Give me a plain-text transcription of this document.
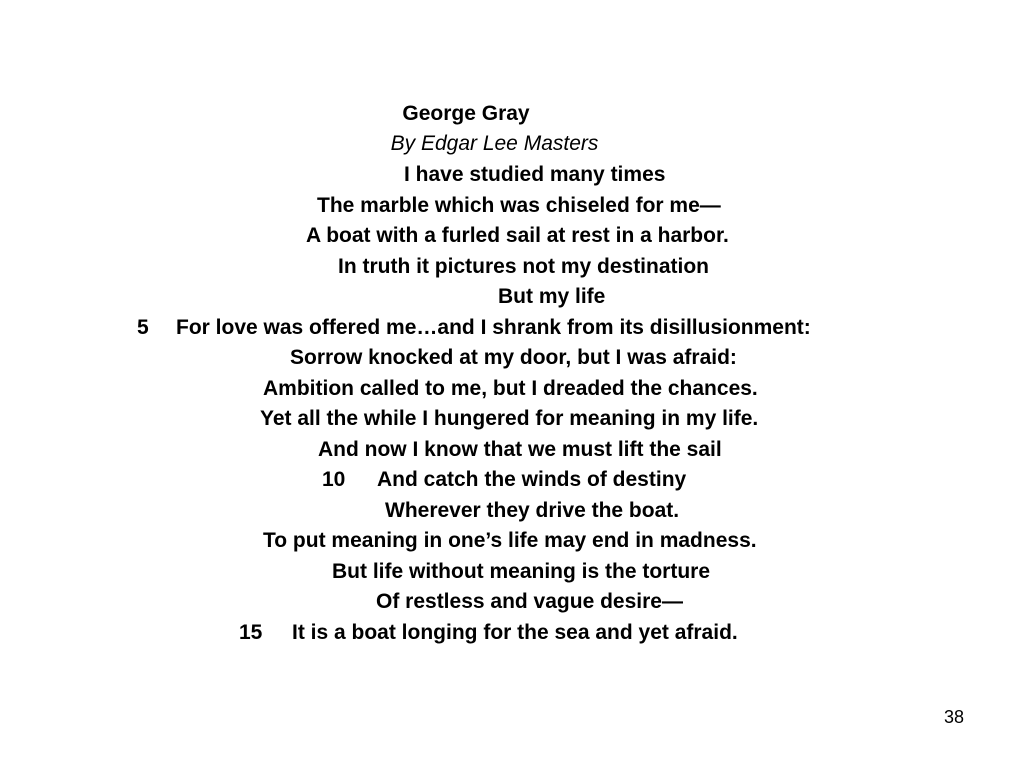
George Gray
By Edgar Lee Masters
I have studied many times
The marble which was chiseled for me—
A boat with a furled sail at rest in a harbor.
In truth it pictures not my destination
But my life
5 For love was offered me…and I shrank from its disillusionment:
Sorrow knocked at my door, but I was afraid:
Ambition called to me, but I dreaded the chances.
Yet all the while I hungered for meaning in my life.
And now I know that we must lift the sail
10 And catch the winds of destiny
Wherever they drive the boat.
To put meaning in one’s life may end in madness.
But life without meaning is the torture
Of restless and vague desire—
15 It is a boat longing for the sea and yet afraid.
38
